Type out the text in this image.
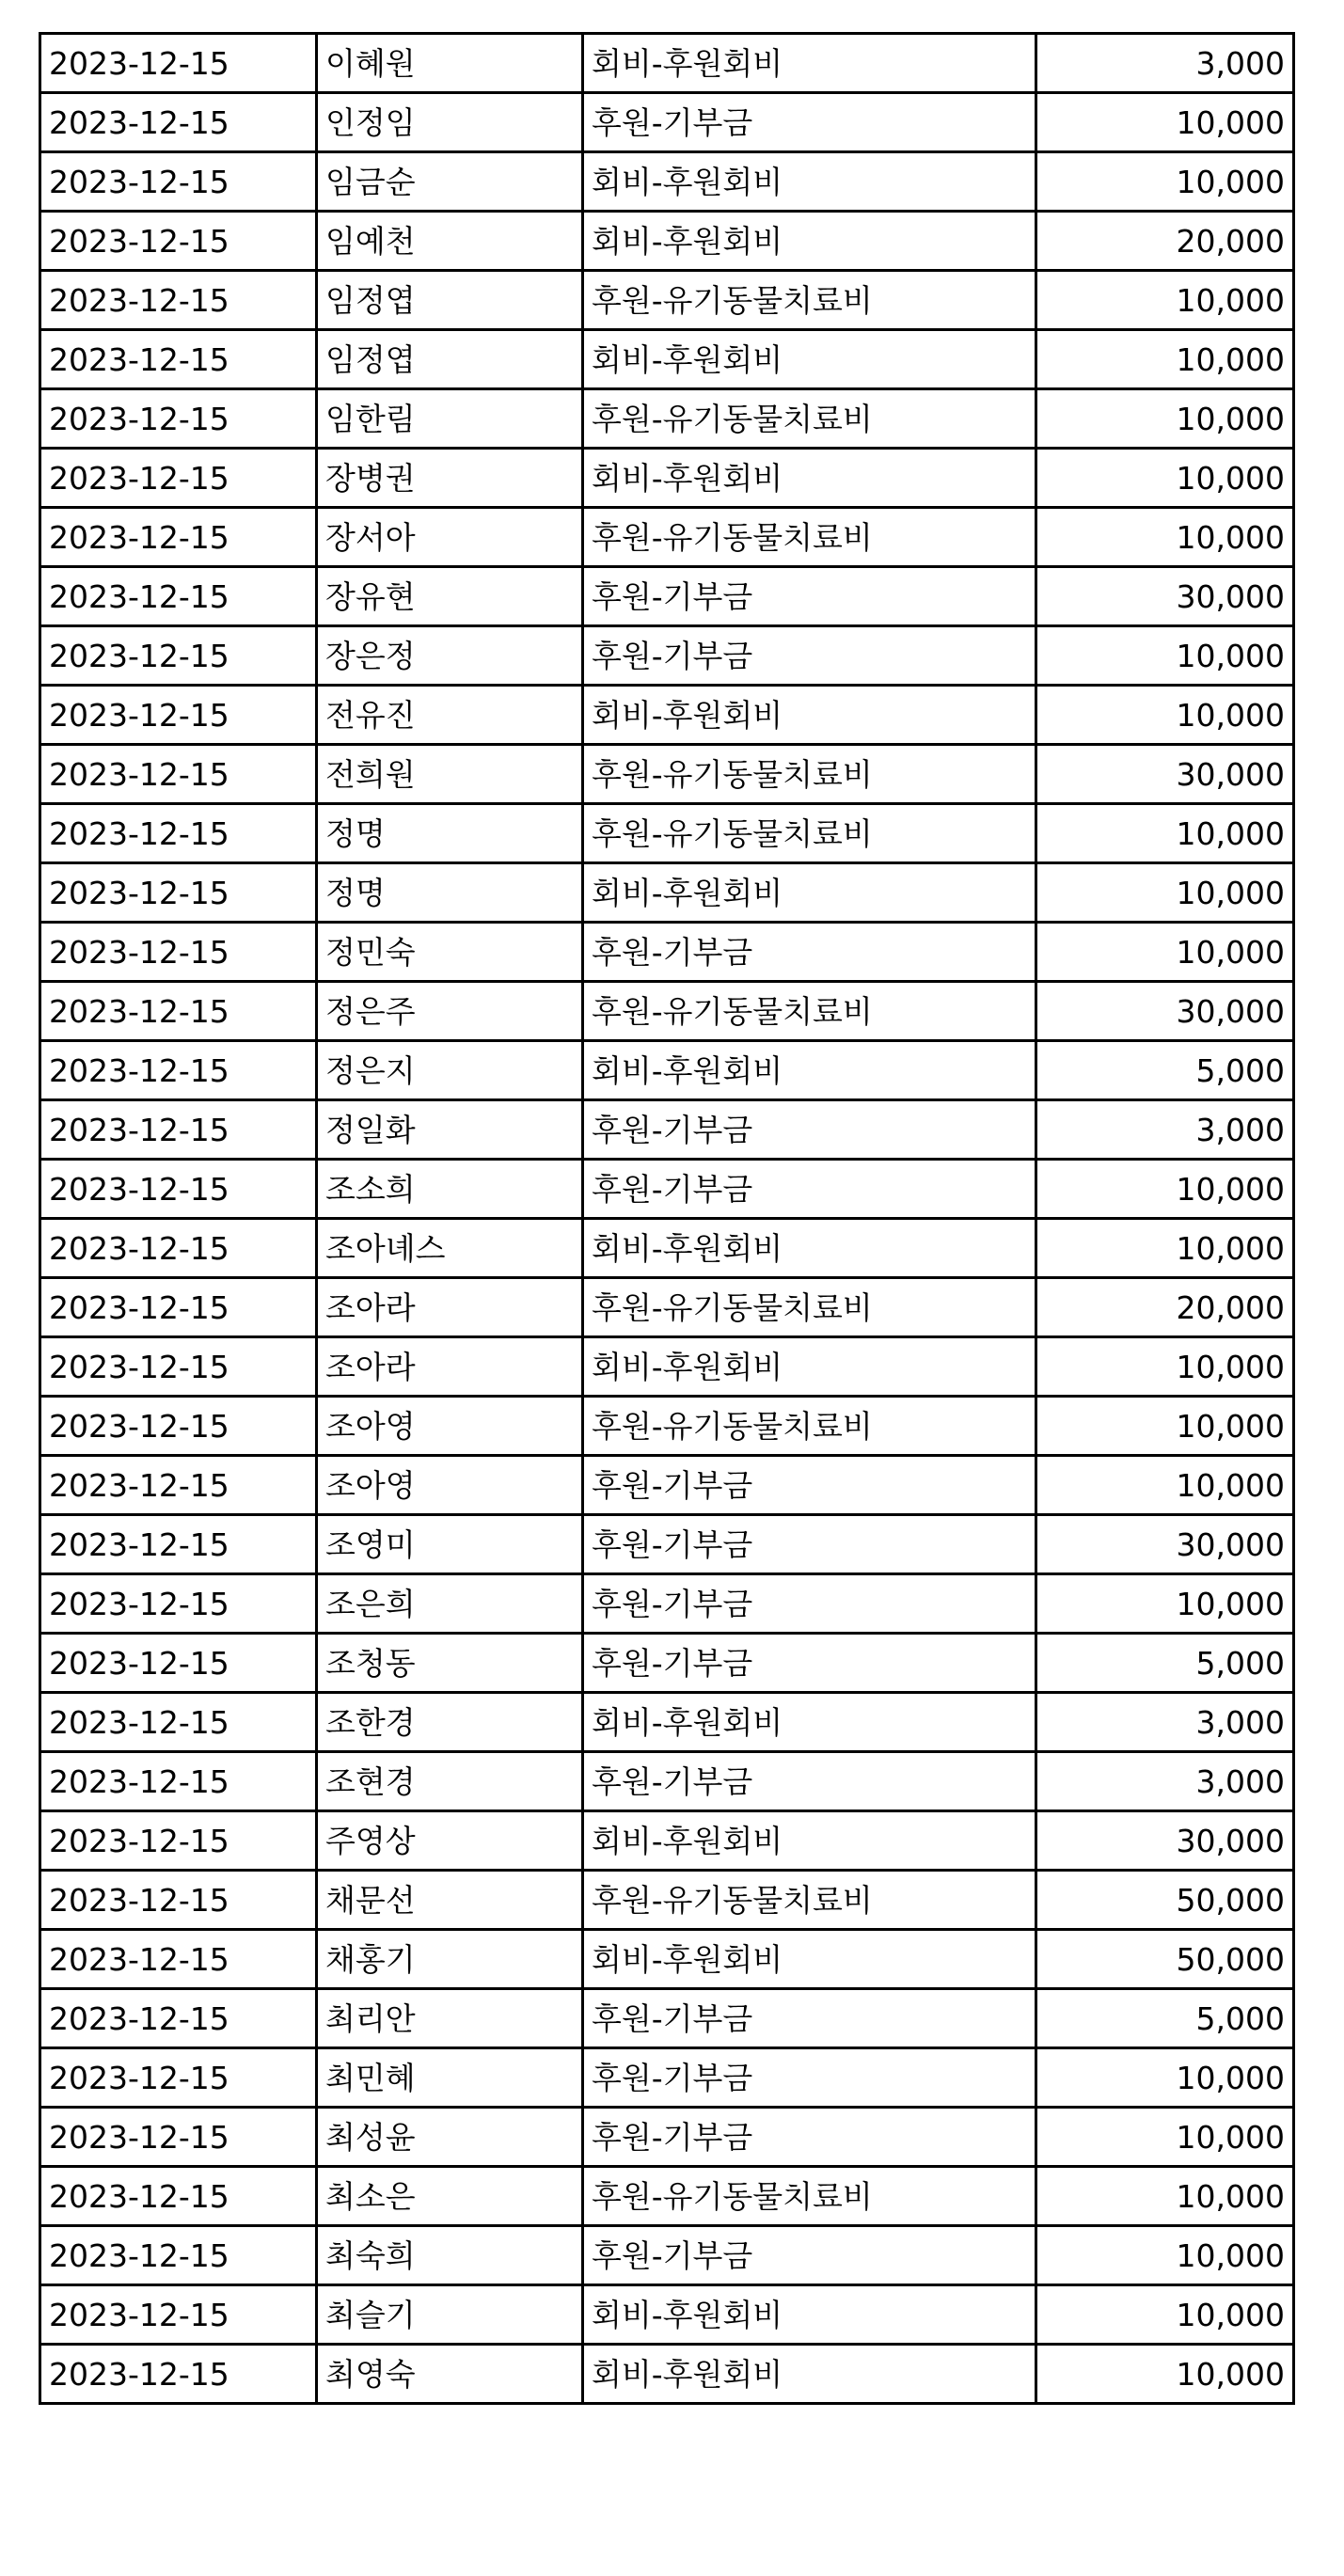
2023-12-15	이혜원	회비-후원회비	3,000
2023-12-15	인정임	후원-기부금	10,000
2023-12-15	임금순	회비-후원회비	10,000
2023-12-15	임예천	회비-후원회비	20,000
2023-12-15	임정엽	후원-유기동물치료비	10,000
2023-12-15	임정엽	회비-후원회비	10,000
2023-12-15	임한림	후원-유기동물치료비	10,000
2023-12-15	장병권	회비-후원회비	10,000
2023-12-15	장서아	후원-유기동물치료비	10,000
2023-12-15	장유현	후원-기부금	30,000
2023-12-15	장은정	후원-기부금	10,000
2023-12-15	전유진	회비-후원회비	10,000
2023-12-15	전희원	후원-유기동물치료비	30,000
2023-12-15	정명	후원-유기동물치료비	10,000
2023-12-15	정명	회비-후원회비	10,000
2023-12-15	정민숙	후원-기부금	10,000
2023-12-15	정은주	후원-유기동물치료비	30,000
2023-12-15	정은지	회비-후원회비	5,000
2023-12-15	정일화	후원-기부금	3,000
2023-12-15	조소희	후원-기부금	10,000
2023-12-15	조아녜스	회비-후원회비	10,000
2023-12-15	조아라	후원-유기동물치료비	20,000
2023-12-15	조아라	회비-후원회비	10,000
2023-12-15	조아영	후원-유기동물치료비	10,000
2023-12-15	조아영	후원-기부금	10,000
2023-12-15	조영미	후원-기부금	30,000
2023-12-15	조은희	후원-기부금	10,000
2023-12-15	조청동	후원-기부금	5,000
2023-12-15	조한경	회비-후원회비	3,000
2023-12-15	조현경	후원-기부금	3,000
2023-12-15	주영상	회비-후원회비	30,000
2023-12-15	채문선	후원-유기동물치료비	50,000
2023-12-15	채홍기	회비-후원회비	50,000
2023-12-15	최리안	후원-기부금	5,000
2023-12-15	최민혜	후원-기부금	10,000
2023-12-15	최성윤	후원-기부금	10,000
2023-12-15	최소은	후원-유기동물치료비	10,000
2023-12-15	최숙희	후원-기부금	10,000
2023-12-15	최슬기	회비-후원회비	10,000
2023-12-15	최영숙	회비-후원회비	10,000
